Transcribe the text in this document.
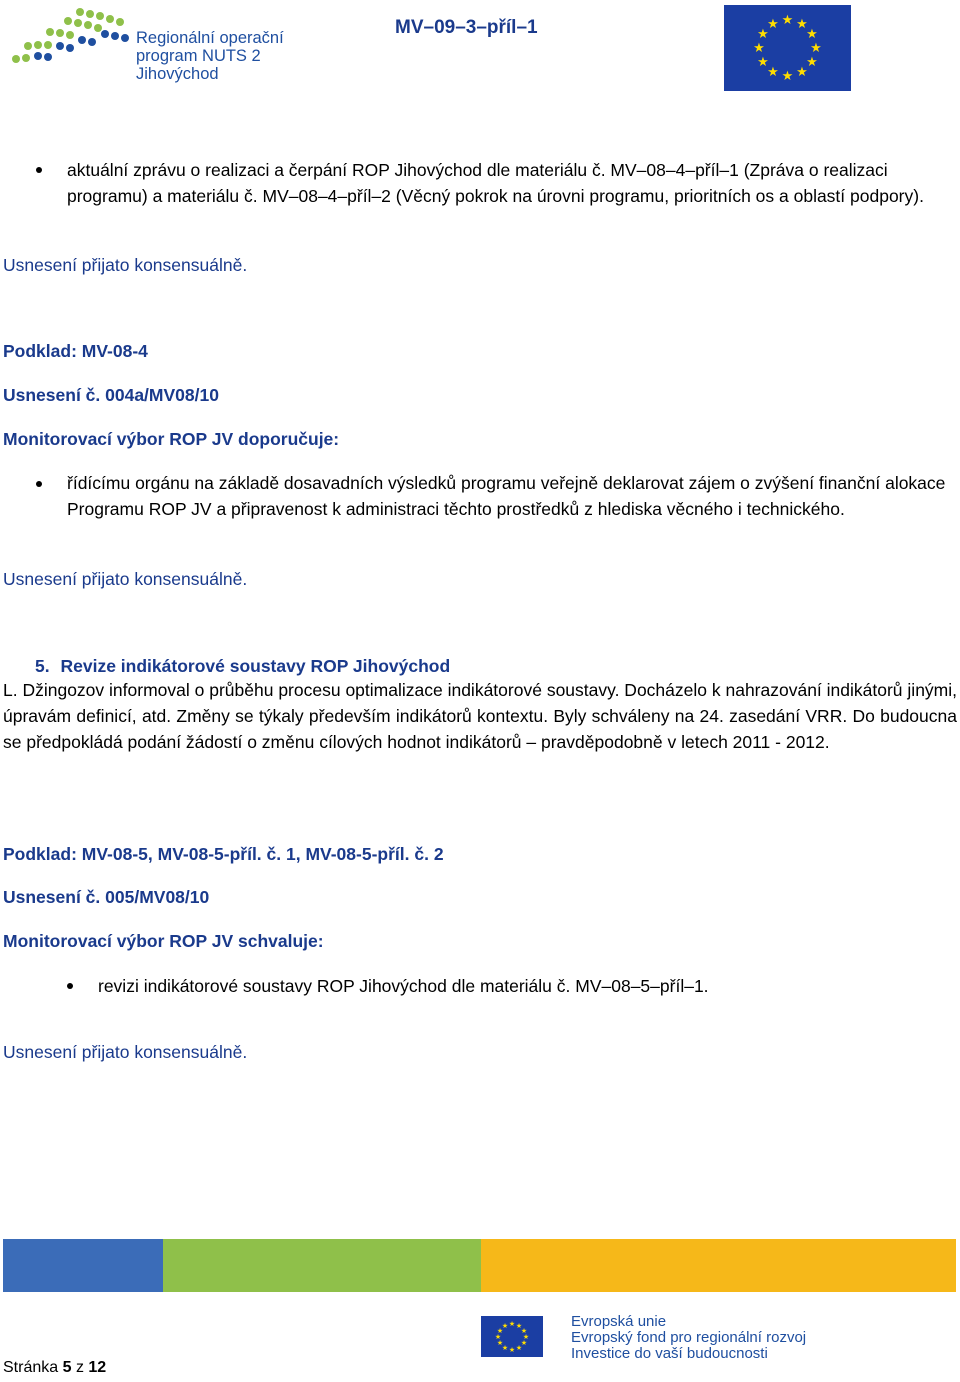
Regionální operační
program NUTS 2
Jihovýchod
MV–09–3–příl–1	★ ★
★
★
★
★
★
★
★
★
★
★
aktuální zprávu o realizaci a čerpání ROP Jihovýchod dle materiálu č. MV–08–4–příl–1 (Zpráva o realizaci programu) a materiálu č. MV–08–4–příl–2 (Věcný pokrok na úrovni programu, prioritních os a oblastí podpory).
Usnesení přijato konsensuálně.
Podklad: MV-08-4
Usnesení č. 004a/MV08/10
Monitorovací výbor ROP JV doporučuje:
řídícímu orgánu na základě dosavadních výsledků programu veřejně deklarovat zájem o zvýšení finanční alokace Programu ROP JV a připravenost k administraci těchto prostředků z hlediska věcného i technického.
Usnesení přijato konsensuálně.
5. Revize indikátorové soustavy ROP Jihovýchod
L. Džingozov informoval o průběhu procesu optimalizace indikátorové soustavy. Docházelo k nahrazování indikátorů jinými, úpravám definicí, atd. Změny se týkaly především indikátorů kontextu. Byly schváleny na 24. zasedání VRR. Do budoucna se předpokládá podání žádostí o změnu cílových hodnot indikátorů – pravděpodobně v letech 2011 - 2012.
Podklad: MV-08-5, MV-08-5-příl. č. 1, MV-08-5-příl. č. 2
Usnesení č. 005/MV08/10
Monitorovací výbor ROP JV schvaluje:
revizi indikátorové soustavy ROP Jihovýchod dle materiálu č. MV–08–5–příl–1.
Usnesení přijato konsensuálně.
★ ★
★
★
★
★
★
★
★
★
★
★	Evropská unie
Evropský fond pro regionální rozvoj
Investice do vaší budoucnosti
Stránka 5 z 12
